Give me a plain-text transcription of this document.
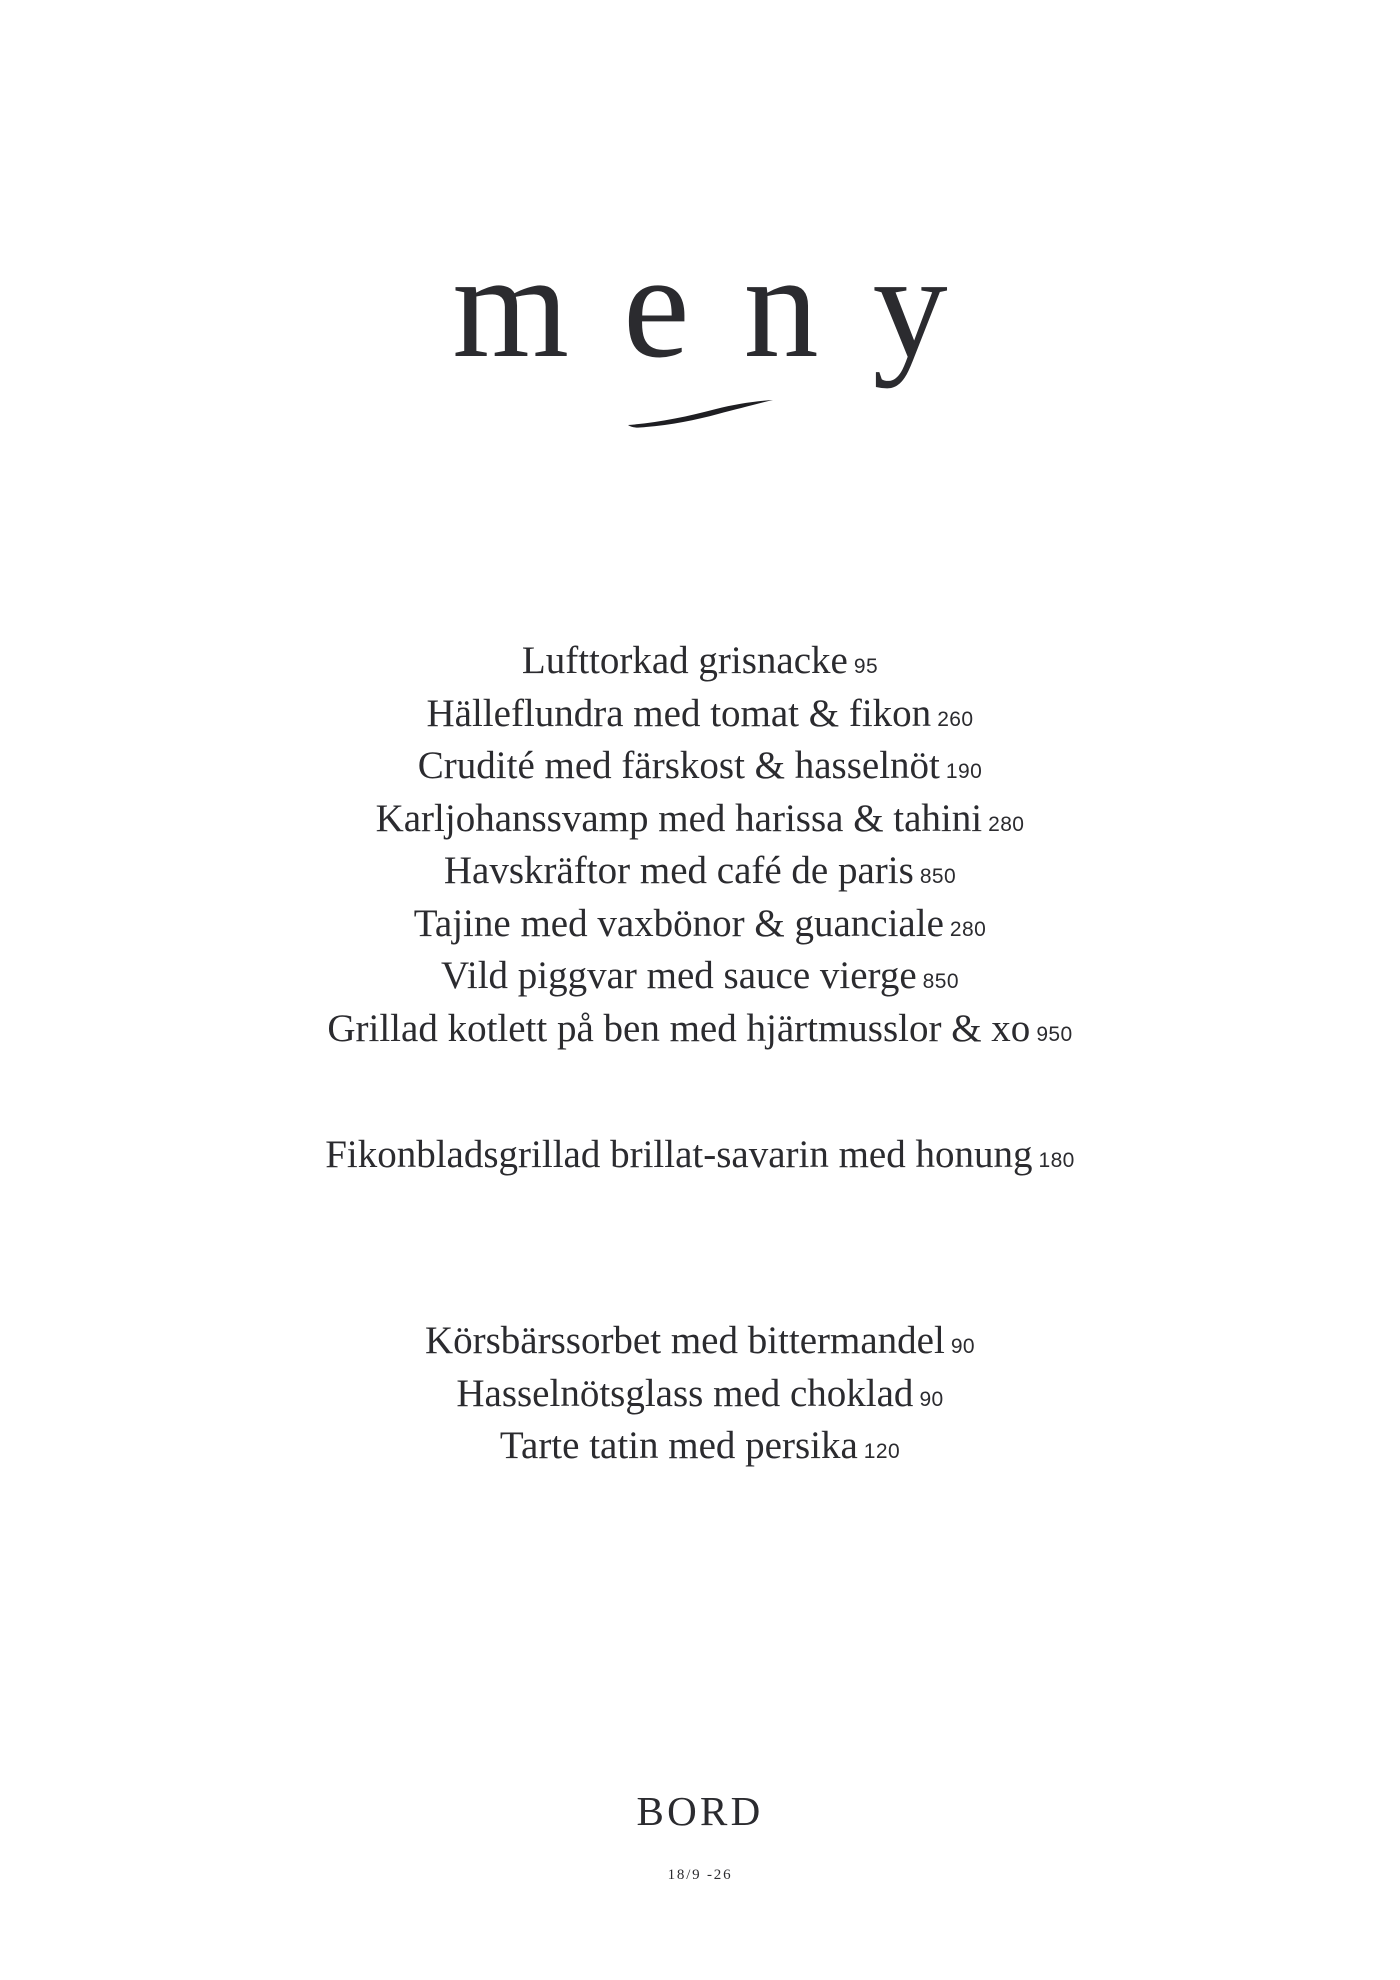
meny
Lufttorkad grisnacke 95
Hälleflundra med tomat & fikon 260
Crudité med färskost & hasselnöt 190
Karljohanssvamp med harissa & tahini 280
Havskräftor med café de paris 850
Tajine med vaxbönor & guanciale 280
Vild piggvar med sauce vierge 850
Grillad kotlett på ben med hjärtmusslor & xo 950
Fikonbladsgrillad brillat-savarin med honung 180
Körsbärssorbet med bittermandel 90
Hasselnötsglass med choklad 90
Tarte tatin med persika 120
BORD
18/9 -26
